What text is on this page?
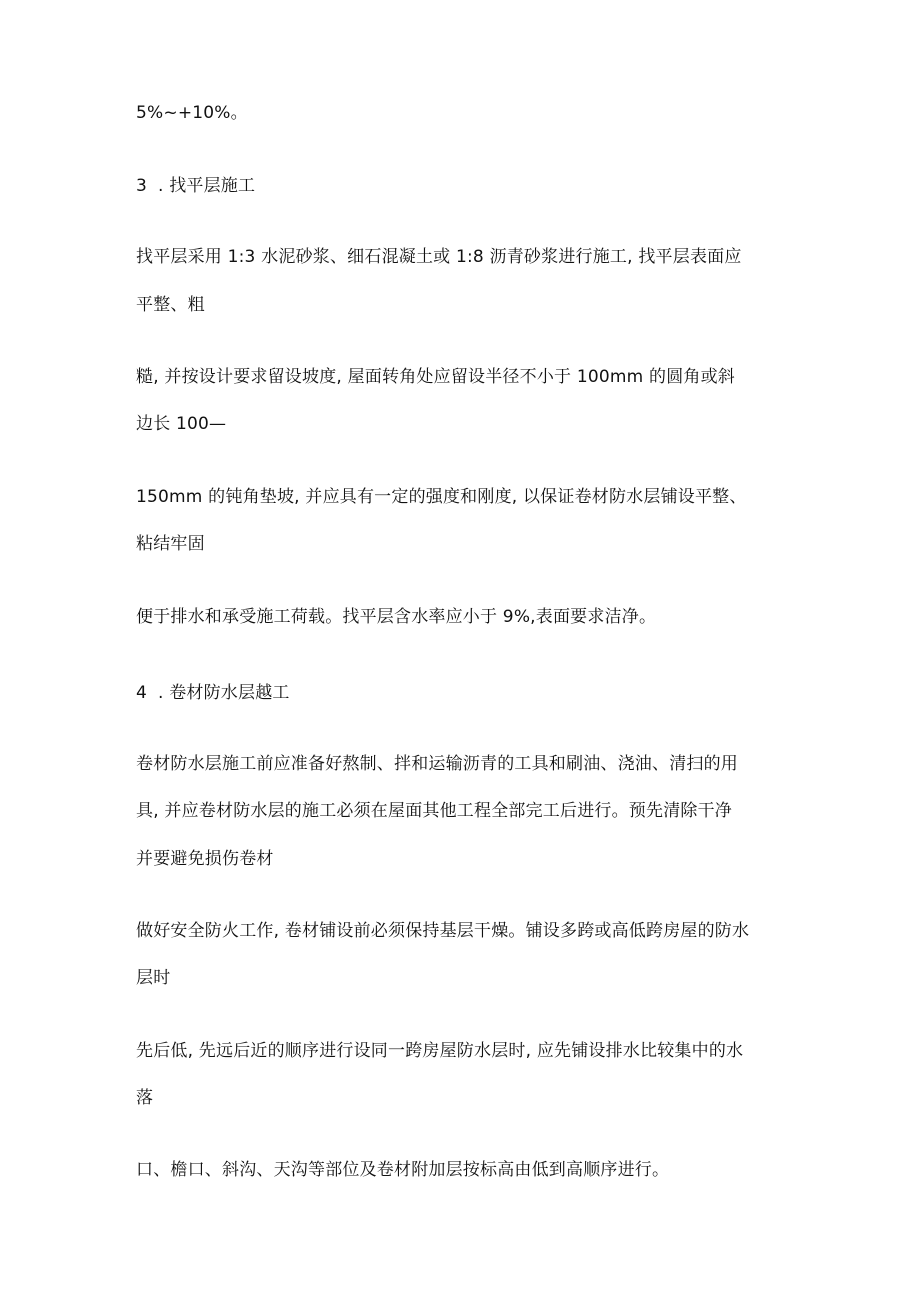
5%~+10%。
3 . 找平层施工
找平层采用 1:3 水泥砂浆、细石混凝土或 1:8 沥青砂浆进行施工, 找平层表面应
平整、粗
糙, 并按设计要求留设坡度, 屋面转角处应留设半径不小于 100mm 的圆角或斜
边长 100—
150mm 的钝角垫坡, 并应具有一定的强度和刚度, 以保证卷材防水层铺设平整、
粘结牢固
便于排水和承受施工荷载。找平层含水率应小于 9%,表面要求洁净。
4 . 卷材防水层越工
卷材防水层施工前应准备好熬制、拌和运输沥青的工具和刷油、浇油、清扫的用
具, 并应卷材防水层的施工必须在屋面其他工程全部完工后进行。预先清除干净
并要避免损伤卷材
做好安全防火工作, 卷材铺设前必须保持基层干燥。铺设多跨或高低跨房屋的防水
层时
先后低, 先远后近的顺序进行设同一跨房屋防水层时, 应先铺设排水比较集中的水
落
口、檐口、斜沟、天沟等部位及卷材附加层按标高由低到高顺序进行。
